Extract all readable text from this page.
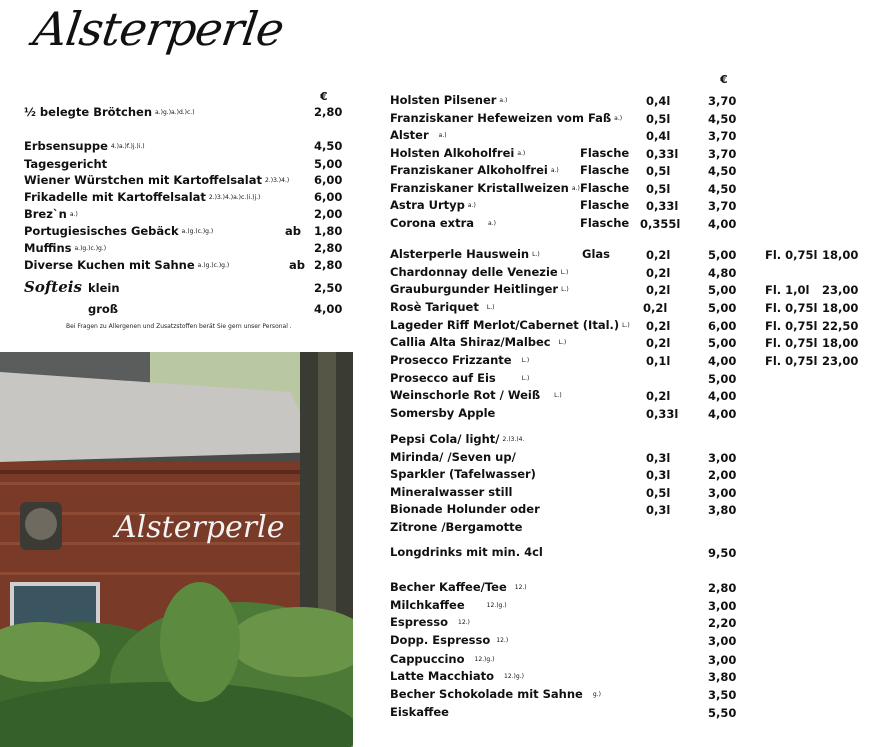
Alsterperle
€
½ belegte Brötchen a.)g.)a.)d.)c.)	2,80
Erbsensuppe 4.)a.)f.)j.)i.)	4,50
Tagesgericht	5,00
Wiener Würstchen mit Kartoffelsalat 2.)3.)4.) 6,00
Frikadelle mit Kartoffelsalat 2.)3.)4.)a.)c.)i.)j.)	6,00
Brez`n a.)	2,00
Portugiesisches Gebäck a.)g.)c.)g.)	ab 1,80
Muffins a.)g.)c.)g.)	2,80
Diverse Kuchen mit Sahne a.)g.)c.)g.)	ab 2,80
Softeis klein	2,50
groß	4,00
Bei Fragen zu Allergenen und Zusatzstoffen berät Sie gern unser Personal .
Alsterperle
€
Holsten Pilsener a.)	0,4l	3,70
Franziskaner Hefeweizen vom Faß a.) 0,5l	4,50
Alster a.)	0,4l	3,70
Holsten Alkoholfrei a.)	Flasche 0,33l	3,70
Franziskaner Alkoholfrei a.) Flasche 0,5l	4,50
Franziskaner Kristallweizen a.) Flasche 0,5l	4,50
Astra Urtyp a.)	Flasche 0,33l	3,70
Corona extra a.)	Flasche 0,355l 4,00
Alsterperle Hauswein L.)	Glas	0,2l	5,00 Fl. 0,75l 18,00
Chardonnay delle Venezie L.)	0,2l	4,80
Grauburgunder Heitlinger L.)	0,2l	5,00 Fl. 1,0l 23,00
Rosè Tariquet L.)	0,2l	5,00 Fl. 0,75l 18,00
Lageder Riff Merlot/Cabernet (Ital.) L.) 0,2l	6,00 Fl. 0,75l 22,50
Callia Alta Shiraz/Malbec L.)	0,2l	5,00 Fl. 0,75l 18,00
Prosecco Frizzante L.)	0,1l	4,00 Fl. 0,75l 23,00
Prosecco auf Eis	L.)	5,00
Weinschorle Rot / Weiß L.)	0,2l	4,00
Somersby Apple	0,33l	4,00
Pepsi Cola/ light/ 2.)3.)4.
Mirinda/ /Seven up/	0,3l	3,00
Sparkler (Tafelwasser)	0,3l	2,00
Mineralwasser still	0,5l	3,00
Bionade Holunder oder	0,3l	3,80
Zitrone /Bergamotte
Longdrinks mit min. 4cl	9,50
Becher Kaffee/Tee 12.)	2,80
Milchkaffee	12.)g.)	3,00
Espresso 12.)	2,20
Dopp. Espresso 12.)	3,00
Cappuccino 12.)g.)	3,00
Latte Macchiato 12.)g.)	3,80
Becher Schokolade mit Sahne g.)	3,50
Eiskaffee	5,50
